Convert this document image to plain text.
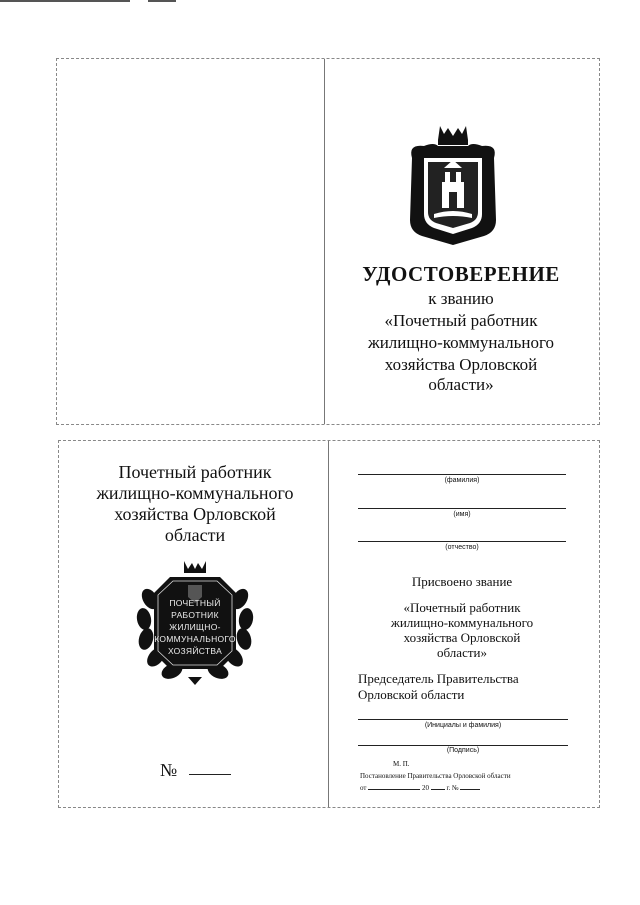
УДОСТОВЕРЕНИЕ
к званию
«Почетный работник
жилищно-коммунального
хозяйства Орловской
области»
Почетный работник
жилищно-коммунального
хозяйства Орловской
области
ПОЧЕТНЫЙ
РАБОТНИК
ЖИЛИЩНО-
КОММУНАЛЬНОГО
ХОЗЯЙСТВА
№
(фамилия)
(имя)
(отчество)
Присвоено звание
«Почетный работник
жилищно-коммунального
хозяйства Орловской
области»
Председатель Правительства
Орловской области
(Инициалы и фамилия)
(Подпись)
М. П.
Постановление Правительства Орловской области
от	20	г. №
